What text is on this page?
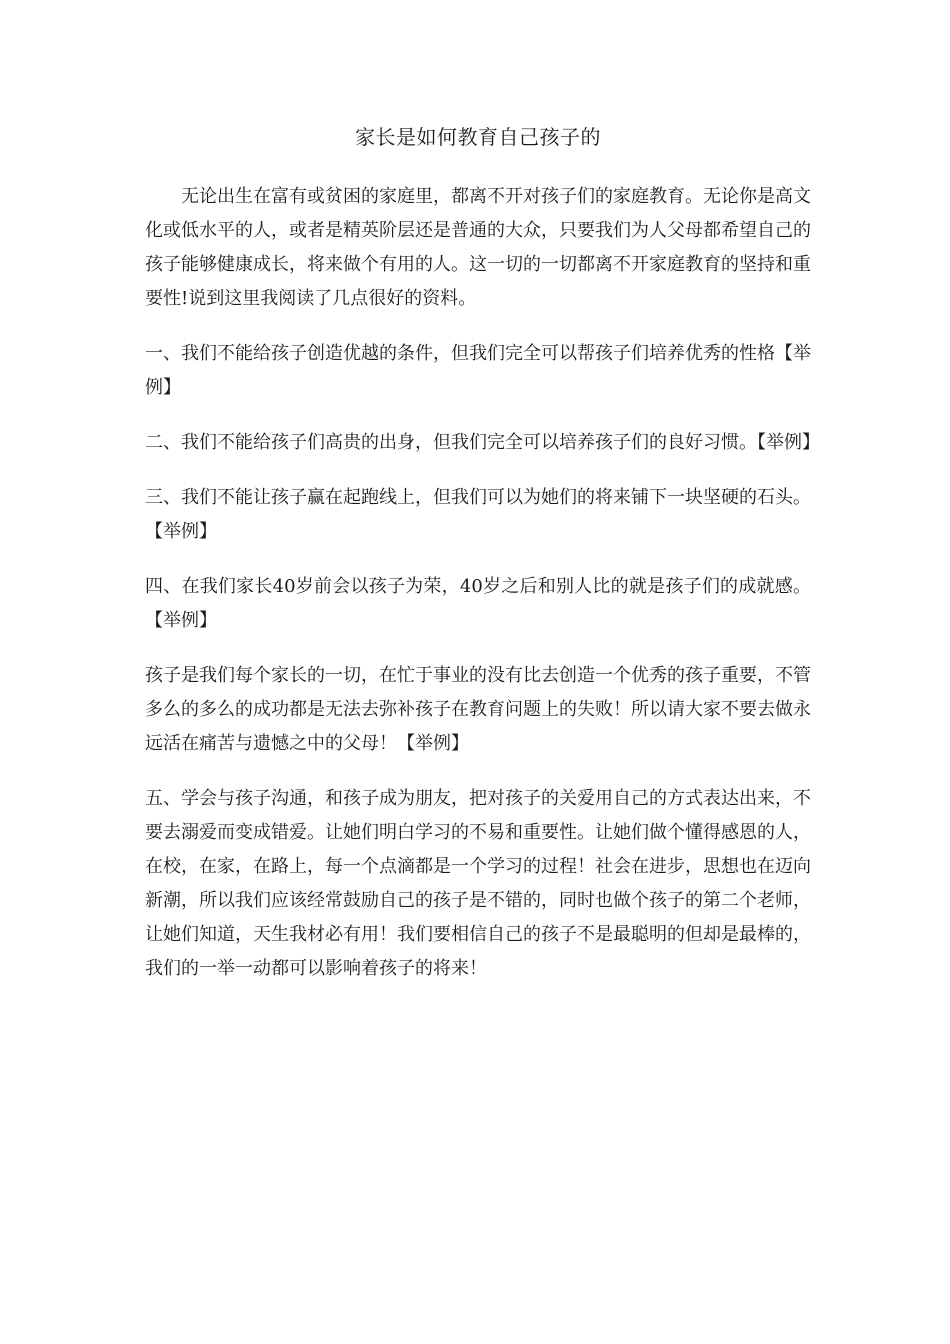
家长是如何教育自己孩子的

无论出生在富有或贫困的家庭里，都离不开对孩子们的家庭教育。无论你是高文化或低水平的人，或者是精英阶层还是普通的大众，只要我们为人父母都希望自己的孩子能够健康成长，将来做个有用的人。这一切的一切都离不开家庭教育的坚持和重要性!说到这里我阅读了几点很好的资料。

一、我们不能给孩子创造优越的条件，但我们完全可以帮孩子们培养优秀的性格【举例】

二、我们不能给孩子们高贵的出身，但我们完全可以培养孩子们的良好习惯。【举例】

三、我们不能让孩子赢在起跑线上，但我们可以为她们的将来铺下一块坚硬的石头。【举例】

四、在我们家长40岁前会以孩子为荣，40岁之后和别人比的就是孩子们的成就感。【举例】

孩子是我们每个家长的一切，在忙于事业的没有比去创造一个优秀的孩子重要，不管多么的多么的成功都是无法去弥补孩子在教育问题上的失败！所以请大家不要去做永远活在痛苦与遗憾之中的父母！【举例】

五、学会与孩子沟通，和孩子成为朋友，把对孩子的关爱用自己的方式表达出来，不要去溺爱而变成错爱。让她们明白学习的不易和重要性。让她们做个懂得感恩的人，在校，在家，在路上，每一个点滴都是一个学习的过程！社会在进步，思想也在迈向新潮，所以我们应该经常鼓励自己的孩子是不错的，同时也做个孩子的第二个老师，让她们知道，天生我材必有用！我们要相信自己的孩子不是最聪明的但却是最棒的，我们的一举一动都可以影响着孩子的将来！
